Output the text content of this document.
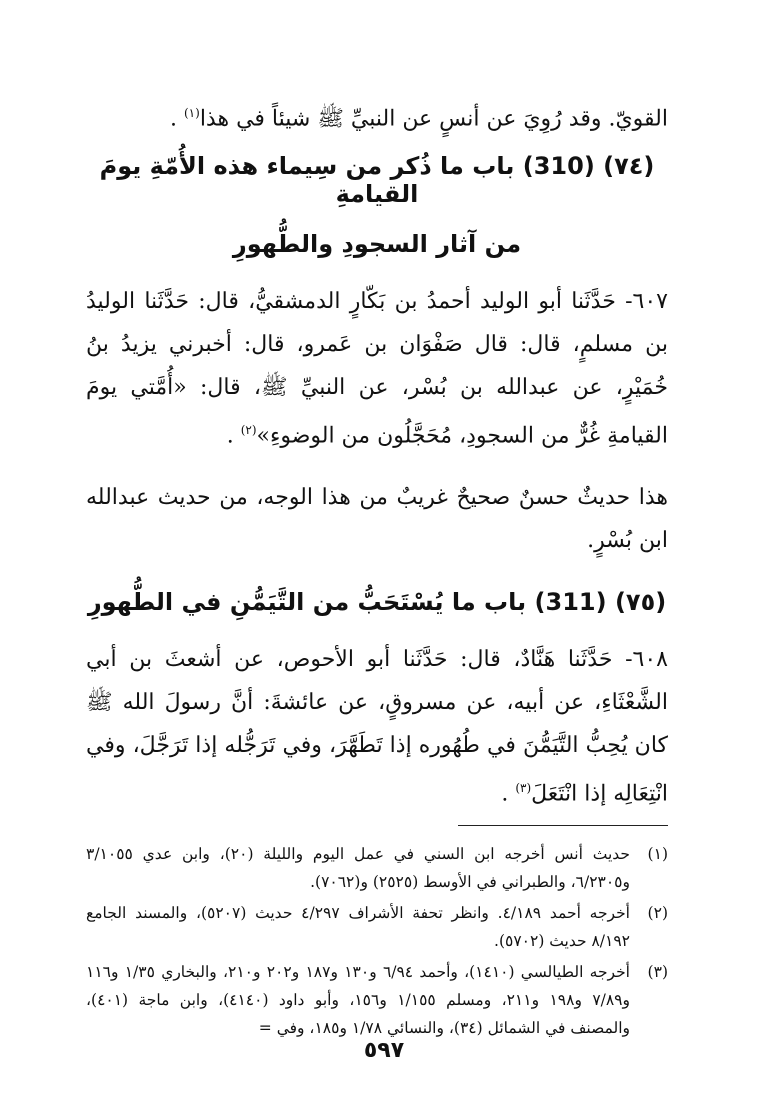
القويّ. وقد رُوِيَ عن أنسٍ عن النبيِّ ﷺ شيئاً في هذا$^{(١)}$ .

(٧٤) (310) باب ما ذُكر من سِيماء هذه الأُمّةِ يومَ القيامةِ

من آثار السجودِ والطُّهورِ

٦٠٧- حَدَّثَنا أبو الوليد أحمدُ بن بَكّارٍ الدمشقيُّ، قال: حَدَّثَنا الوليدُ بن مسلمٍ، قال: قال صَفْوَان بن عَمرو، قال: أخبرني يزيدُ بنُ خُمَيْرٍ، عن عبدالله بن بُسْر، عن النبيِّ ﷺ، قال: «أُمَّتي يومَ القيامةِ غُرٌّ من السجودِ، مُحَجَّلُون من الوضوءِ»$^{(٢)}$ .

هذا حديثٌ حسنٌ صحيحٌ غريبٌ من هذا الوجه، من حديث عبدالله ابن بُسْرٍ.

(٧٥) (311) باب ما يُسْتَحَبُّ من التَّيَمُّنِ في الطُّهورِ

٦٠٨- حَدَّثَنا هَنَّادٌ، قال: حَدَّثَنا أبو الأحوص، عن أشعثَ بن أبي الشَّعْثَاءِ، عن أبيه، عن مسروقٍ، عن عائشةَ: أنَّ رسولَ الله ﷺ كان يُحِبُّ التَّيَمُّنَ في طُهُوره إذا تَطَهَّرَ، وفي تَرَجُّله إذا تَرَجَّلَ، وفي انْتِعَالِه إذا انْتَعَلَ$^{(٣)}$ .

(١)
حديث أنس أخرجه ابن السني في عمل اليوم والليلة (٢٠)، وابن عدي ٣/١٠٥٥ و٦/٢٣٠٥، والطبراني في الأوسط (٢٥٢٥) و(٧٠٦٢).

(٢)
أخرجه أحمد ٤/١٨٩. وانظر تحفة الأشراف ٤/٢٩٧ حديث (٥٢٠٧)، والمسند الجامع ٨/١٩٢ حديث (٥٧٠٢).

(٣)
أخرجه الطيالسي (١٤١٠)، وأحمد ٦/٩٤ و١٣٠ و١٨٧ و٢٠٢ و٢١٠، والبخاري ١/٣٥ و١١٦ و٧/٨٩ و١٩٨ و٢١١، ومسلم ١/١٥٥ و١٥٦، وأبو داود (٤١٤٠)، وابن ماجة (٤٠١)، والمصنف في الشمائل (٣٤)، والنسائي ١/٧٨ و١٨٥، وفي =

٥٩٧
